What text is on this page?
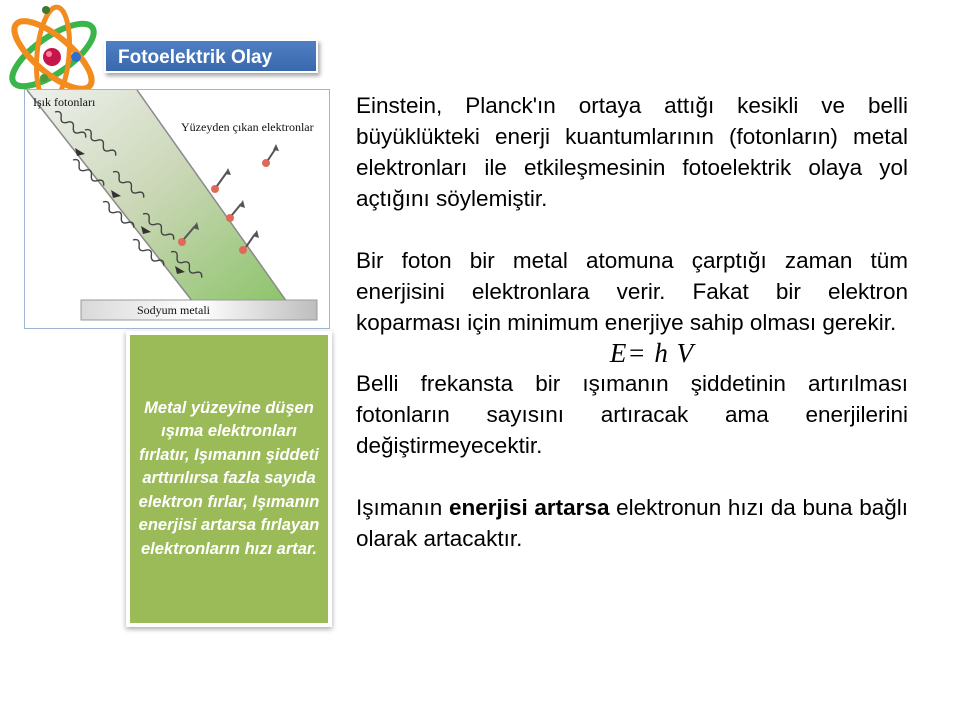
Fotoelektrik Olay
Işık fotonları
Yüzeyden çıkan elektronlar
Sodyum metali
Metal yüzeyine düşen ışıma elektronları fırlatır, Işımanın şiddeti arttırılırsa fazla sayıda elektron fırlar, Işımanın enerjisi artarsa fırlayan elektronların hızı artar.

Einstein, Planck'ın ortaya attığı kesikli ve belli büyüklükteki enerji kuantumlarının (fotonların) metal elektronları ile etkileşmesinin fotoelektrik olaya yol açtığını söylemiştir.

Bir foton bir metal atomuna çarptığı zaman tüm enerjisini elektronlara verir. Fakat bir elektron koparması için minimum enerjiye sahip olması gerekir.

E= h V

Belli frekansta bir ışımanın şiddetinin artırılması fotonların sayısını artıracak ama enerjilerini değiştirmeyecektir.

Işımanın enerjisi artarsa elektronun hızı da buna bağlı olarak artacaktır.
